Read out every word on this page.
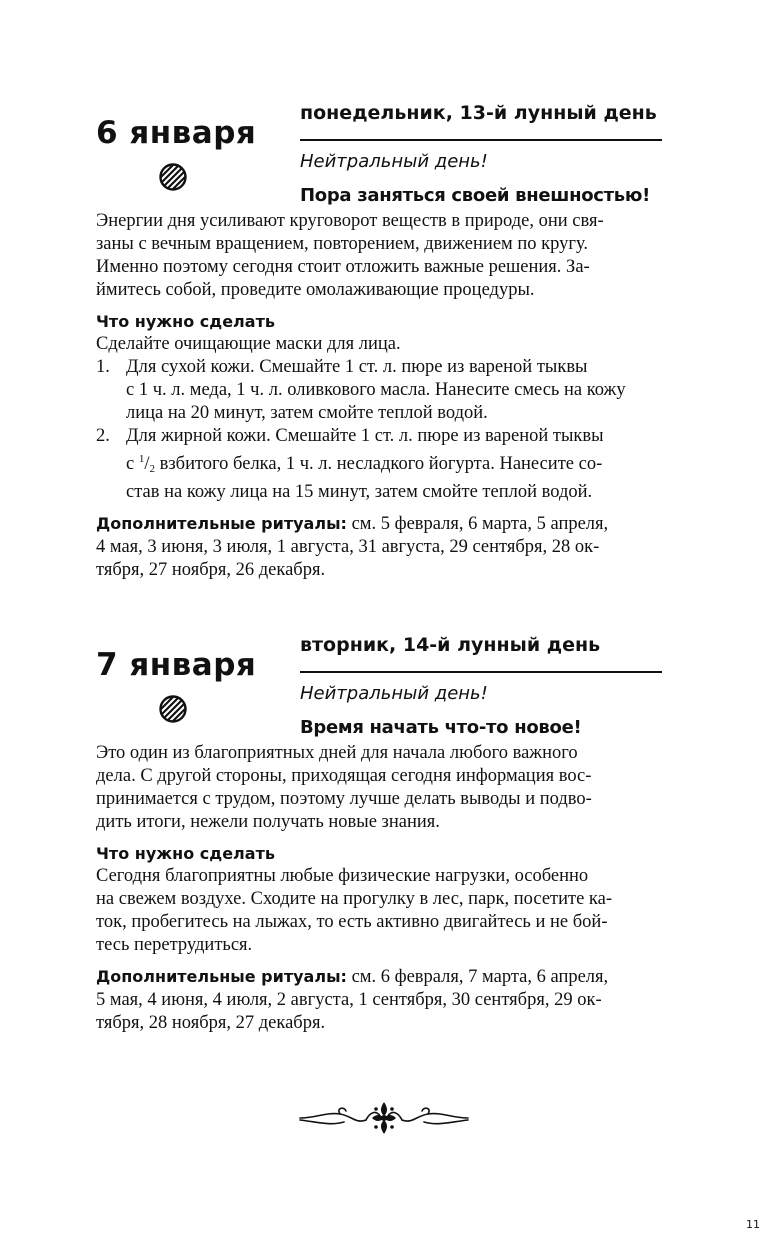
6 января
понедельник, 13-й лунный день
Нейтральный день!
Пора заняться своей внешностью!

Энергии дня усиливают круговорот веществ в природе, они свя-
заны с вечным вращением, повторением, движением по кругу.
Именно поэтому сегодня стоит отложить важные решения. За-
ймитесь собой, проведите омолаживающие процедуры.

Что нужно сделать

Сделайте очищающие маски для лица.

1. Для сухой кожи. Смешайте 1 ст. л. пюре из вареной тыквы
с 1 ч. л. меда, 1 ч. л. оливкового масла. Нанесите смесь на кожу
лица на 20 минут, затем смойте теплой водой.
2. Для жирной кожи. Смешайте 1 ст. л. пюре из вареной тыквы
с $^1$/2 взбитого белка, 1 ч. л. несладкого йогурта. Нанесите со-
став на кожу лица на 15 минут, затем смойте теплой водой.

Дополнительные ритуалы: см. 5 февраля, 6 марта, 5 апреля,
4 мая, 3 июня, 3 июля, 1 августа, 31 августа, 29 сентября, 28 ок-
тября, 27 ноября, 26 декабря.

7 января
вторник, 14-й лунный день
Нейтральный день!
Время начать что-то новое!

Это один из благоприятных дней для начала любого важного
дела. С другой стороны, приходящая сегодня информация вос-
принимается с трудом, поэтому лучше делать выводы и подво-
дить итоги, нежели получать новые знания.

Что нужно сделать

Сегодня благоприятны любые физические нагрузки, особенно
на свежем воздухе. Сходите на прогулку в лес, парк, посетите ка-
ток, пробегитесь на лыжах, то есть активно двигайтесь и не бой-
тесь перетрудиться.

Дополнительные ритуалы: см. 6 февраля, 7 марта, 6 апреля,
5 мая, 4 июня, 4 июля, 2 августа, 1 сентября, 30 сентября, 29 ок-
тября, 28 ноября, 27 декабря.

11
